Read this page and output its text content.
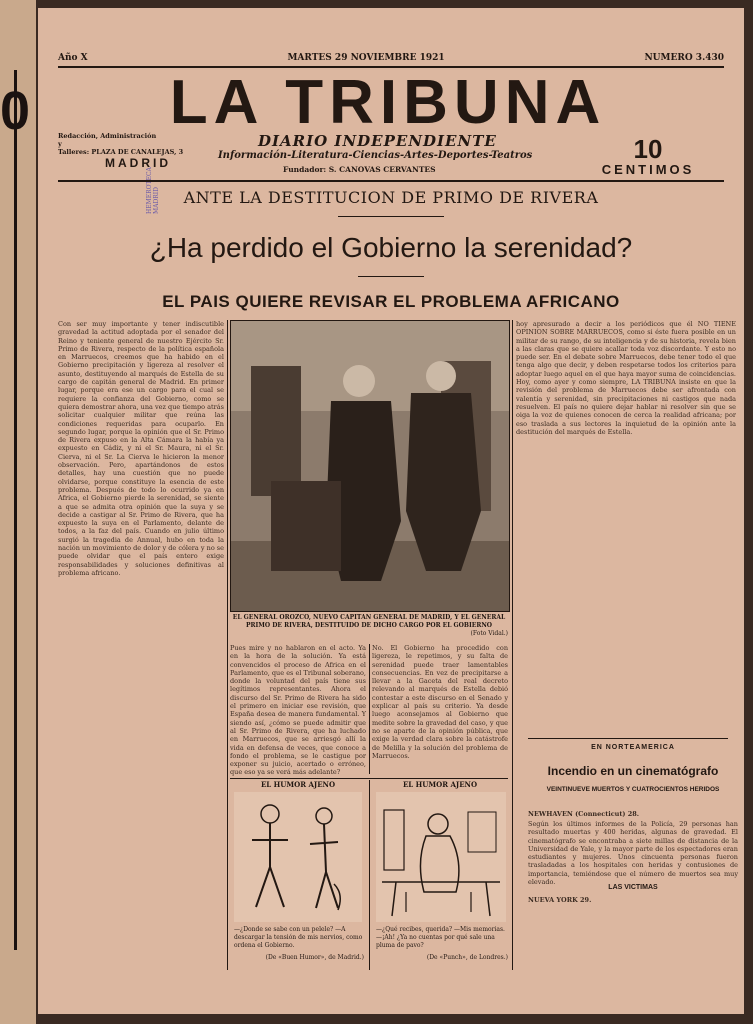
0
Año X	MARTES 29 NOVIEMBRE 1921	NUMERO 3.430
LA TRIBUNA
Redacción, Administración
y
Talleres: PLAZA DE CANALEJAS, 3
MADRID
DIARIO INDEPENDIENTE
Información-Literatura-Ciencias-Artes-Deportes-Teatros
Fundador: S. CANOVAS CERVANTES
10
CENTIMOS
HEMEROTECA MADRID	ANTE LA DESTITUCION DE PRIMO DE RIVERA
¿Ha perdido el Gobierno la serenidad?
EL PAIS QUIERE REVISAR EL PROBLEMA AFRICANO
Con ser muy importante y tener indiscutible gravedad la actitud adoptada por el senador del Reino y teniente general de nuestro Ejército Sr. Primo de Rivera, respecto de la política española en Marruecos, creemos que ha habido en el Gobierno precipitación y ligereza al resolver el asunto, destituyendo al marqués de Estella de su cargo de capitán general de Madrid. En primer lugar, porque era ese un cargo para el cual se requiere la confianza del Gobierno, como se quiera demostrar ahora, una vez que tiempo atrás solicitar cualquier militar que reúna las condiciones requeridas para ocuparlo. En segundo lugar, porque la opinión que el Sr. Primo de Rivera expuso en la Alta Cámara la había ya expuesto en Cádiz, y ni el Sr. Maura, ni el Sr. Cierva, ni el Sr. La Cierva le hicieron la menor observación. Pero, apartándonos de estos detalles, hay una cuestión que no puede olvidarse, porque constituye la esencia de este problema. Después de todo lo ocurrido ya en Africa, el Gobierno pierde la serenidad, se siente a que se admita otra opinión que la suya y se decide a castigar al Sr. Primo de Rivera, que ha expuesto la suya en el Parlamento, delante de todos, a la faz del país. Cuando en julio último surgió la tragedia de Annual, hubo en toda la nación un movimiento de dolor y de cólera y no se puede olvidar que el país entero exige responsabilidades y soluciones definitivas al problema africano.
EL GENERAL OROZCO, NUEVO CAPITAN GENERAL DE MADRID, Y EL GENERAL PRIMO DE RIVERA, DESTITUIDO DE DICHO CARGO POR EL GOBIERNO
(Foto Vidal.)
Pues mire y no hablaron en el acto. Ya en la hora de la solución. Ya está convencidos el proceso de Africa en el Parlamento, que es el Tribunal soberano, donde la voluntad del país tiene sus legítimos representantes. Ahora el discurso del Sr. Primo de Rivera ha sido el primero en iniciar ese revisión, que España desea de manera fundamental. Y siendo así, ¿cómo se puede admitir que al Sr. Primo de Rivera, que ha luchado en Marruecos, que se arriesgó allí la vida en defensa de veces, que conoce a fondo el problema, se le castigue por exponer su juicio, acertado o erróneo, que eso ya se verá más adelante?
No. El Gobierno ha procedido con ligereza, le repetimos, y su falta de serenidad puede traer lamentables consecuencias. En vez de precipitarse a llevar a la Gaceta del real decreto relevando al marqués de Estella debió contestar a este discurso en el Senado y explicar al país su criterio. Ya desde luego aconsejamos al Gobierno que medite sobre la gravedad del caso, y que no se aparte de la opinión pública, que exige la verdad clara sobre la catástrofe de Melilla y la solución del problema de Marruecos.
EL HUMOR AJENO
—¿Donde se sabe con un pelele? —A descargar la tensión de mis nervios, como ordena el Gobierno.
(De «Buen Humor», de Madrid.)
EL HUMOR AJENO
—¿Qué recibes, querida? —Mis memorias. —¡Ah! ¿Ya no cuentas por qué sale una pluma de pavo?
(De «Punch», de Londres.)
hoy apresurado a decir a los periódicos que él NO TIENE OPINION SOBRE MARRUECOS, como si éste fuera posible en un militar de su rango, de su inteligencia y de su historia, revela bien a las claras que se quiere acallar toda voz discordante. Y esto no puede ser. En el debate sobre Marruecos, debe tener todo el que tenga algo que decir, y deben respetarse todos los criterios para adoptar luego aquel en el que haya mayor suma de coincidencias. Hoy, como ayer y como siempre, LA TRIBUNA insiste en que la revisión del problema de Marruecos debe ser afrontada con valentía y serenidad, sin precipitaciones ni castigos que nada resuelven. El país no quiere dejar hablar ni resolver sin que se oiga la voz de quienes conocen de cerca la realidad africana; por eso traslada a sus lectores la inquietud de la opinión ante la destitución del marqués de Estella.
EN NORTEAMERICA
Incendio en un cinematógrafo
VEINTINUEVE MUERTOS Y CUATROCIENTOS HERIDOS
NEWHAVEN (Connecticut) 28.
Según los últimos informes de la Policía, 29 personas han resultado muertas y 400 heridas, algunas de gravedad. El cinematógrafo se encontraba a siete millas de distancia de la Universidad de Yale, y la mayor parte de los espectadores eran estudiantes y mujeres. Unos cincuenta personas fueron trasladadas a los hospitales con heridas y contusiones de importancia, temiéndose que el número de muertos sea muy elevado.
LAS VICTIMAS
NUEVA YORK 29.
